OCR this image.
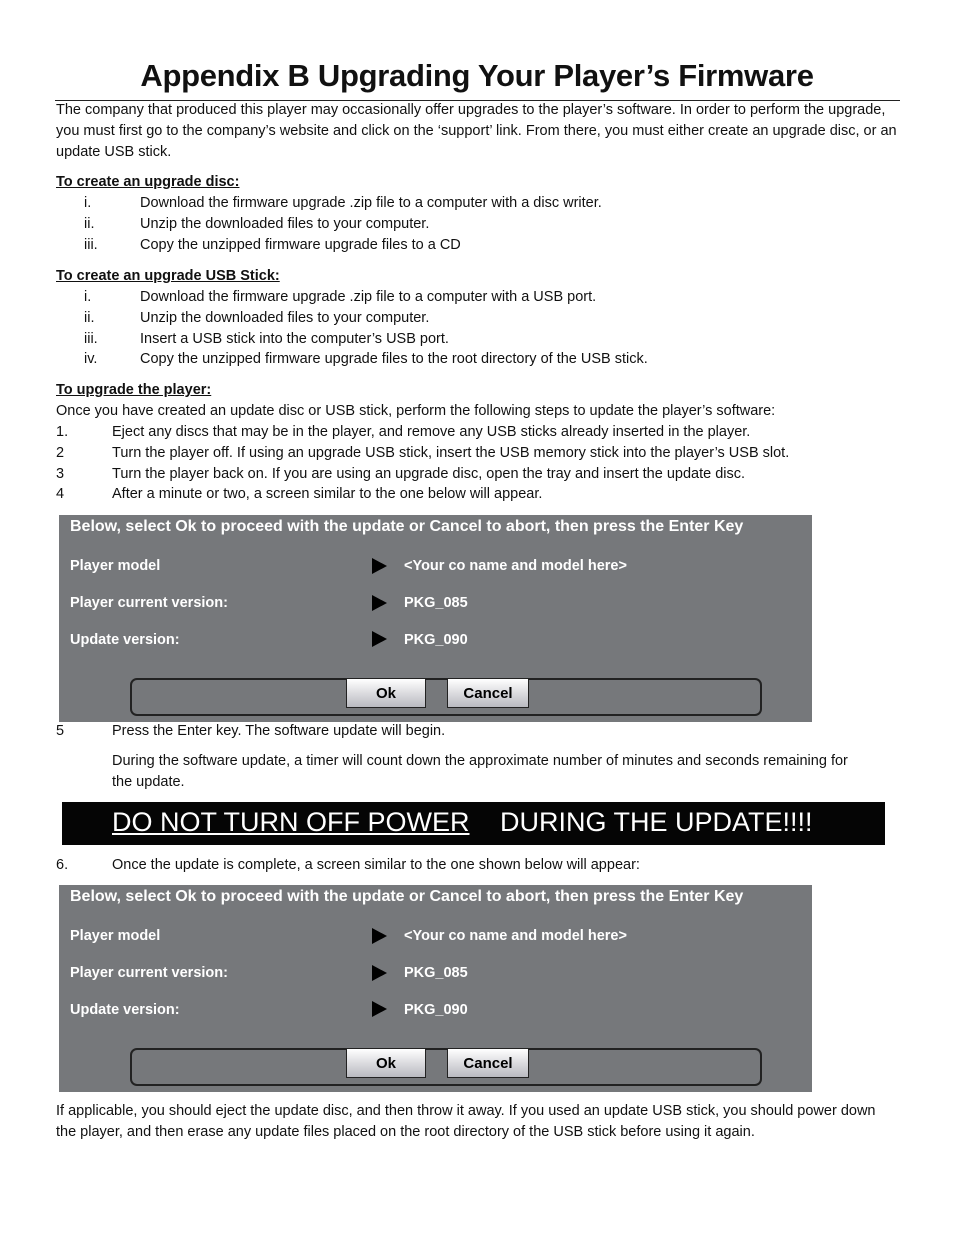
Appendix B Upgrading Your Player’s Firmware
The company that produced this player may occasionally offer upgrades to the player’s software. In order to perform the upgrade, you must first go to the company’s website and click on the ‘support’ link. From there, you must either create an upgrade disc, or an update USB stick.
To create an upgrade disc:
i.	Download the firmware upgrade .zip file to a computer with a disc writer.
ii.	Unzip the downloaded files to your computer.
iii.	Copy the unzipped firmware upgrade files to a CD
To create an upgrade USB Stick:
i.	Download the firmware upgrade .zip file to a computer with a USB port.
ii.	Unzip the downloaded files to your computer.
iii.	Insert a USB stick into the computer’s USB port.
iv.	Copy the unzipped firmware upgrade files to the root directory of the USB stick.
To upgrade the player:
Once you have created an update disc or USB stick, perform the following steps to update the player’s software:
1.	Eject any discs that may be in the player, and remove any USB sticks already inserted in the player.
2	Turn the player off. If using an upgrade USB stick, insert the USB memory stick into the player’s USB slot.
3	Turn the player back on. If you are using an upgrade disc, open the tray and insert the update disc.
4	After a minute or two, a screen similar to the one below will appear.
Below, select Ok to proceed with the update or Cancel to abort, then press the Enter Key
Player model	<Your co name and model here>
Player current version:	PKG_085
Update version:	PKG_090
Ok	Cancel
5	Press the Enter key. The software update will begin.
During the software update, a timer will count down the approximate number of minutes and seconds remaining for the update.
DO NOT TURN OFF POWER DURING THE UPDATE!!!!
6.	Once the update is complete, a screen similar to the one shown below will appear:
Below, select Ok to proceed with the update or Cancel to abort, then press the Enter Key
Player model	<Your co name and model here>
Player current version:	PKG_085
Update version:	PKG_090
Ok	Cancel
If applicable, you should eject the update disc, and then throw it away. If you used an update USB stick, you should power down the player, and then erase any update files placed on the root directory of the USB stick before using it again.
